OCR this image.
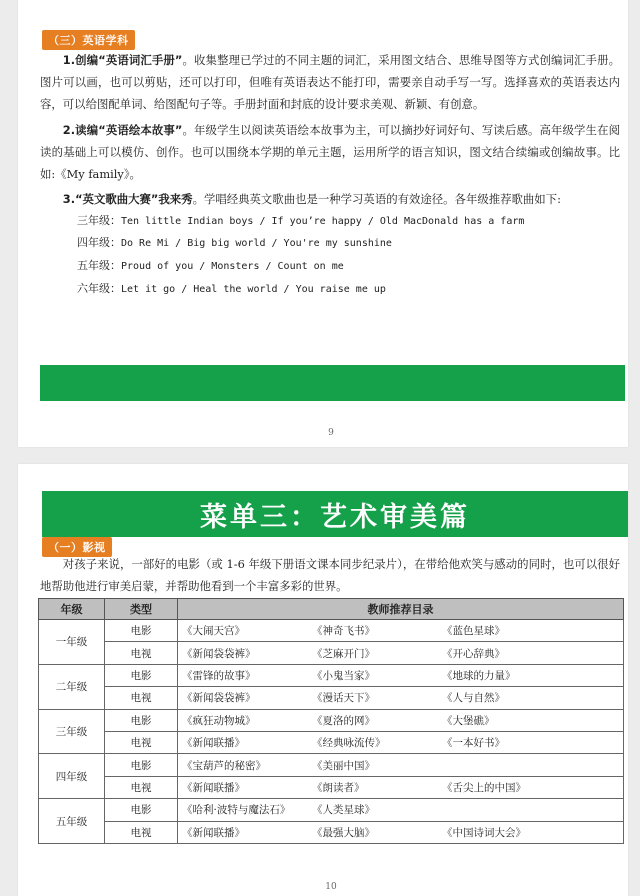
（三）英语学科
1.创编“英语词汇手册”。收集整理已学过的不同主题的词汇，采用图文结合、思维导图等方式创编词汇手册。图片可以画，也可以剪贴，还可以打印，但唯有英语表达不能打印，需要亲自动手写一写。选择喜欢的英语表达内容，可以给图配单词、给图配句子等。手册封面和封底的设计要求美观、新颖、有创意。
2.读编“英语绘本故事”。年级学生以阅读英语绘本故事为主，可以摘抄好词好句、写读后感。高年级学生在阅读的基础上可以模仿、创作。也可以围绕本学期的单元主题，运用所学的语言知识，图文结合续编或创编故事。比如:《My family》。
3.“英文歌曲大赛”我来秀。学唱经典英文歌曲也是一种学习英语的有效途径。各年级推荐歌曲如下:
三年级：Ten little Indian boys / If you’re happy / Old MacDonald has a farm
四年级：Do Re Mi / Big big world / You're my sunshine
五年级：Proud of you / Monsters / Count on me
六年级：Let it go / Heal the world / You raise me up
9
菜单三：艺术审美篇
（一）影视
对孩子来说，一部好的电影（或 1-6 年级下册语文课本同步纪录片），在带给他欢笑与感动的同时，也可以很好地帮助他进行审美启蒙，并帮助他看到一个丰富多彩的世界。
年级	类型	教师推荐目录
一年级	电影	《大闹天宫》 《神奇飞书》 《蓝色星球》
	电视	《新闻袋袋裤》 《芝麻开门》 《开心辞典》
二年级	电影	《雷锋的故事》 《小鬼当家》 《地球的力量》
	电视	《新闻袋袋裤》 《漫话天下》 《人与自然》
三年级	电影	《疯狂动物城》 《夏洛的网》 《大堡礁》
	电视	《新闻联播》 《经典咏流传》 《一本好书》
四年级	电影	《宝葫芦的秘密》 《美丽中国》
	电视	《新闻联播》 《朗读者》 《舌尖上的中国》
五年级	电影	《哈利·波特与魔法石》 《人类星球》
	电视	《新闻联播》 《最强大脑》 《中国诗词大会》
10
